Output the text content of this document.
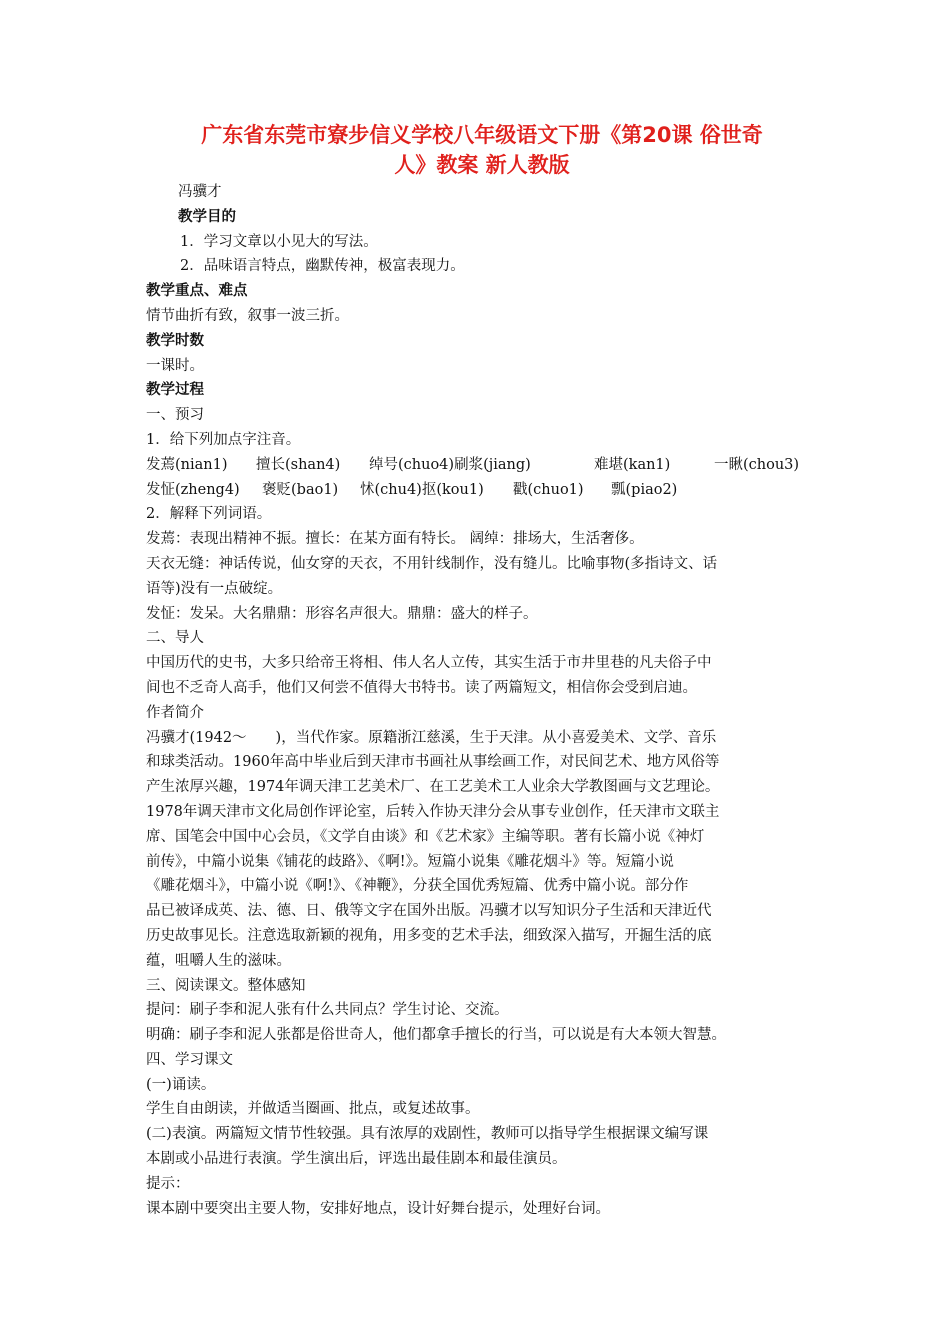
广东省东莞市寮步信义学校八年级语文下册《第20课 俗世奇

人》教案 新人教版

冯骥才

教学目的

1．学习文章以小见大的写法。

2．品味语言特点，幽默传神，极富表现力。

教学重点、难点

情节曲折有致，叙事一波三折。

教学时数

一课时。

教学过程

一、预习

1．给下列加点字注音。

发蔫(nian1)	擅长(shan4)	绰号(chuo4)刷浆(jiang)	难堪(kan1)	一瞅(chou3)
发怔(zheng4)	褒贬(bao1)	怵(chu4)抠(kou1)	戳(chuo1)	瓢(piao2)

2．解释下列词语。

发蔫：表现出精神不振。擅长：在某方面有特长。 阔绰：排场大，生活奢侈。

天衣无缝：神话传说，仙女穿的天衣，不用针线制作，没有缝儿。比喻事物(多指诗文、话

语等)没有一点破绽。

发怔：发呆。大名鼎鼎：形容名声很大。鼎鼎：盛大的样子。

二、导人

中国历代的史书，大多只给帝王将相、伟人名人立传，其实生活于市井里巷的凡夫俗子中

间也不乏奇人高手，他们又何尝不值得大书特书。读了两篇短文，相信你会受到启迪。

作者简介

冯骥才(1942～　　)，当代作家。原籍浙江慈溪，生于天津。从小喜爱美术、文学、音乐

和球类活动。1960年高中毕业后到天津市书画社从事绘画工作，对民间艺术、地方风俗等

产生浓厚兴趣，1974年调天津工艺美术厂、在工艺美术工人业余大学教图画与文艺理论。

1978年调天津市文化局创作评论室，后转入作协天津分会从事专业创作，任天津市文联主

席、国笔会中国中心会员，《文学自由谈》和《艺术家》主编等职。著有长篇小说《神灯

前传》，中篇小说集《铺花的歧路》、《啊!》。短篇小说集《雕花烟斗》等。短篇小说

《雕花烟斗》，中篇小说《啊!》、《神鞭》，分获全国优秀短篇、优秀中篇小说。部分作

品已被译成英、法、德、日、俄等文字在国外出版。冯骥才以写知识分子生活和天津近代

历史故事见长。注意选取新颖的视角，用多变的艺术手法，细致深入描写，开掘生活的底

蕴，咀嚼人生的滋味。

三、阅读课文。整体感知

提问：刷子李和泥人张有什么共同点？学生讨论、交流。

明确：刷子李和泥人张都是俗世奇人，他们都拿手擅长的行当，可以说是有大本领大智慧。

四、学习课文

(一)诵读。

学生自由朗读，并做适当圈画、批点，或复述故事。

(二)表演。两篇短文情节性较强。具有浓厚的戏剧性，教师可以指导学生根据课文编写课

本剧或小品进行表演。学生演出后，评选出最佳剧本和最佳演员。

提示：

课本剧中要突出主要人物，安排好地点，设计好舞台提示，处理好台词。
